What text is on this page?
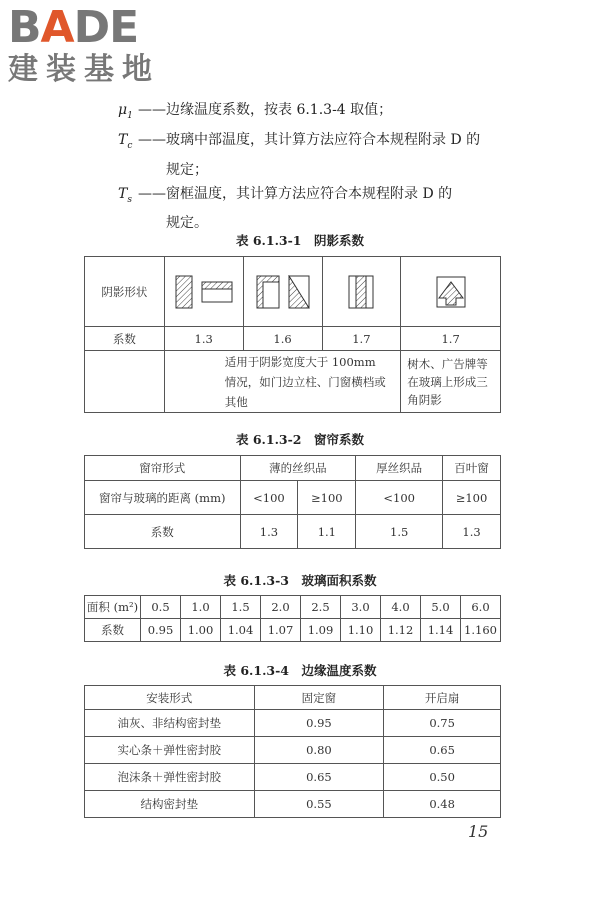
BADE
建装基地
$\mu_1$ ——边缘温度系数，按表 6.1.3-4 取值；
$T_c$ ——玻璃中部温度，其计算方法应符合本规程附录 D 的
规定；
$T_s$ ——窗框温度，其计算方法应符合本规程附录 D 的
规定。
表 6.1.3-1　阴影系数
阴影形状	

系数	1.3	1.6	1.7	1.7
	适用于阴影宽度大于 100mm 情况，如门边立柱、门窗横档或其他			树木、广告牌等在玻璃上形成三角阴影
表 6.1.3-2　窗帘系数
窗帘形式	薄的丝织品		厚丝织品	百叶窗
窗帘与玻璃的距离 (mm)	<100	≥100	<100	≥100
系数	1.3	1.1	1.5	1.3
表 6.1.3-3　玻璃面积系数
面积 (m²)	0.5	1.0	1.5	2.0	2.5	3.0	4.0	5.0	6.0
系数	0.95	1.00	1.04	1.07	1.09	1.10	1.12	1.14	1.160
表 6.1.3-4　边缘温度系数
安装形式	固定窗	开启扇
油灰、非结构密封垫	0.95	0.75
实心条＋弹性密封胶	0.80	0.65
泡沫条＋弹性密封胶	0.65	0.50
结构密封垫	0.55	0.48
15
